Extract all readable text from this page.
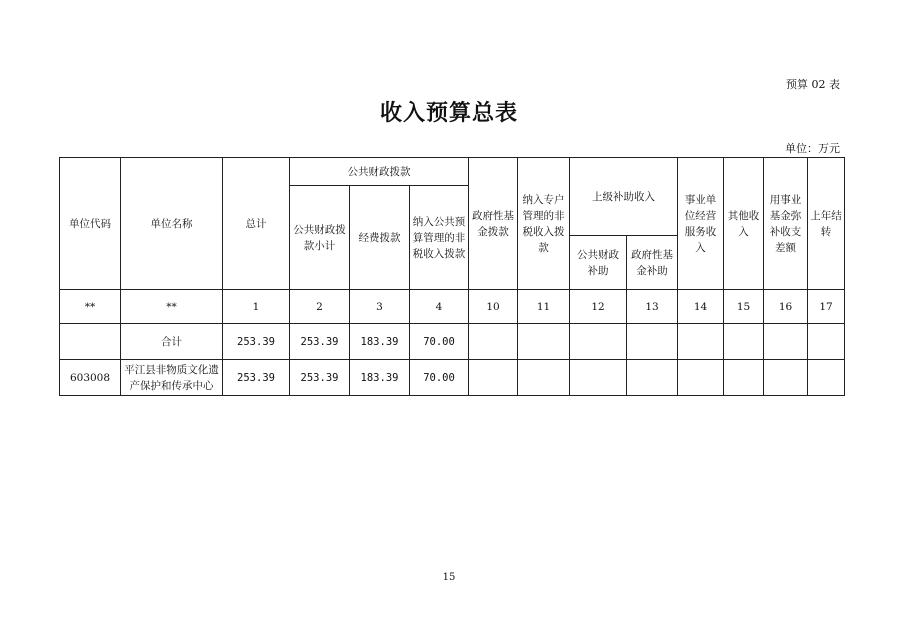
预算 02 表
收入预算总表
单位：万元
单位代码	单位名称	总计	公共财政拨款			政府性基金拨款	纳入专户管理的非税收入拨款	上级补助收入		事业单位经营服务收入	其他收入	用事业基金弥补收支差额	上年结转
			公共财政拨款小计	经费拨款	纳入公共预算管理的非税收入拨款								
								公共财政补助	政府性基金补助				
**	**	1	2	3	4	10	11	12	13	14	15	16	17
	合计	253.39	253.39	183.39	70.00								
603008	平江县非物质文化遗产保护和传承中心	253.39	253.39	183.39	70.00								
15
